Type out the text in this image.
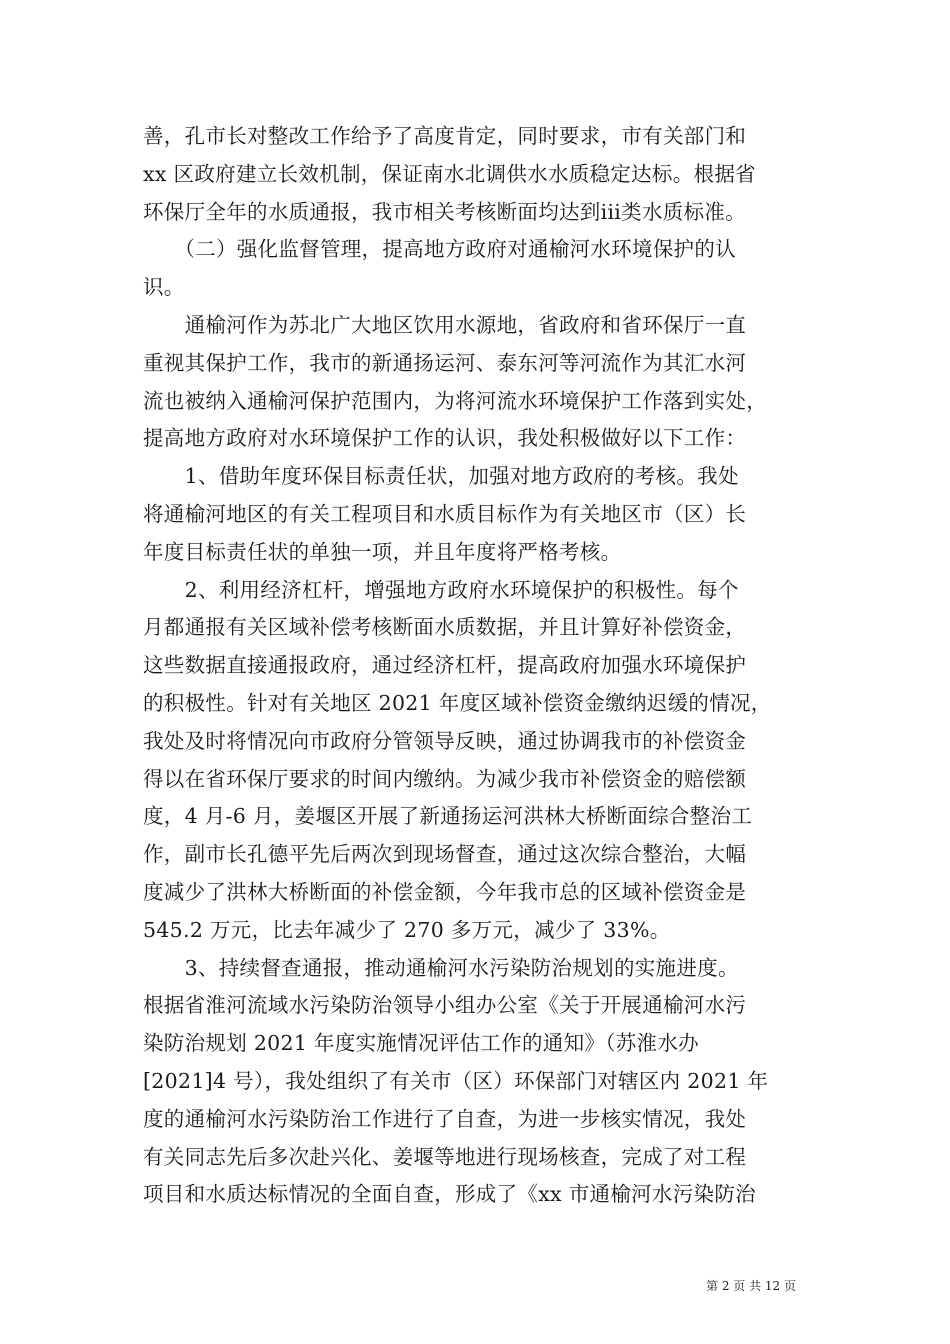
善，孔市长对整改工作给予了高度肯定，同时要求，市有关部门和
xx 区政府建立长效机制，保证南水北调供水水质稳定达标。根据省
环保厅全年的水质通报，我市相关考核断面均达到iii类水质标准。
　　（二）强化监督管理，提高地方政府对通榆河水环境保护的认
识。
　　通榆河作为苏北广大地区饮用水源地，省政府和省环保厅一直
重视其保护工作，我市的新通扬运河、泰东河等河流作为其汇水河
流也被纳入通榆河保护范围内，为将河流水环境保护工作落到实处，
提高地方政府对水环境保护工作的认识，我处积极做好以下工作：
　　1、借助年度环保目标责任状，加强对地方政府的考核。我处
将通榆河地区的有关工程项目和水质目标作为有关地区市（区）长
年度目标责任状的单独一项，并且年度将严格考核。
　　2、利用经济杠杆，增强地方政府水环境保护的积极性。每个
月都通报有关区域补偿考核断面水质数据，并且计算好补偿资金，
这些数据直接通报政府，通过经济杠杆，提高政府加强水环境保护
的积极性。针对有关地区 2021 年度区域补偿资金缴纳迟缓的情况，
我处及时将情况向市政府分管领导反映，通过协调我市的补偿资金
得以在省环保厅要求的时间内缴纳。为减少我市补偿资金的赔偿额
度，4 月-6 月，姜堰区开展了新通扬运河洪林大桥断面综合整治工
作，副市长孔德平先后两次到现场督查，通过这次综合整治，大幅
度减少了洪林大桥断面的补偿金额，今年我市总的区域补偿资金是
545.2 万元，比去年减少了 270 多万元，减少了 33%。
　　3、持续督查通报，推动通榆河水污染防治规划的实施进度。
根据省淮河流域水污染防治领导小组办公室《关于开展通榆河水污
染防治规划 2021 年度实施情况评估工作的通知》（苏淮水办
[2021]4 号），我处组织了有关市（区）环保部门对辖区内 2021 年
度的通榆河水污染防治工作进行了自查，为进一步核实情况，我处
有关同志先后多次赴兴化、姜堰等地进行现场核查，完成了对工程
项目和水质达标情况的全面自查，形成了《xx 市通榆河水污染防治
第 2 页 共 12 页
